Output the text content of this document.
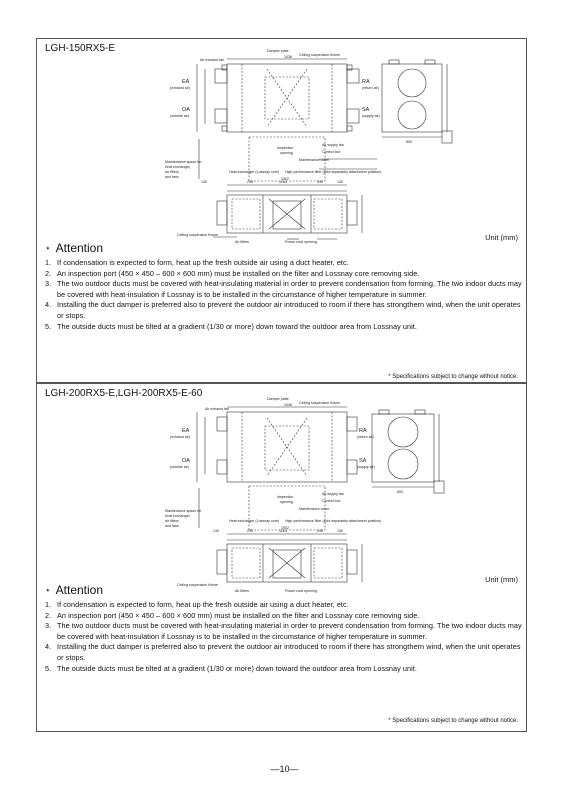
LGH-150RX5-E	Damper plate
Ceiling suspension fixture
Air exhaust fan
1036
EA
(exhaust air)
OA
(outside air)
RA
(return air)
SA
(supply air)
800
Inspection
opening
Air supply fan
Control box
Maintenance cover
Maintenance space for
heat exchanger,
air filters,
and fans
Heat exchanger (Lossnay core) High-performance filter (sold separately attachment position)
1502
130	249	1164	249	130
Ceiling suspension fixture
Air filters	Power cord opening	Unit (mm)
⋆ Attention
1. If condensation is expected to form, heat up the fresh outside air using a duct heater, etc.
2. An inspection port (450 × 450 – 600 × 600 mm) must be installed on the filter and Lossnay core removing side.
3. The two outdoor ducts must be covered with heat-insulating material in order to prevent condensation from forming. The two indoor ducts may be covered with heat-insulation if Lossnay is to be installed in the circumstance of higher temperature in summer.
4. Installing the duct damper is preferred also to prevent the outdoor air introduced to room if there has strongthern wind, when the unit operates or stops.
5. The outside ducts must be tilted at a gradient (1/30 or more) down toward the outdoor area from Lossnay unit.
* Specifications subject to change without notice.
LGH-200RX5-E,LGH-200RX5-E-60	Damper plate
Ceiling suspension fixture
Air exhaust fan
1036
EA
(exhaust air)
OA
(outside air)
RA
(return air)
SA
(supply air)
800
Inspection
opening
Air supply fan
Control box
Maintenance cover
Maintenance space for
heat exchanger,
air filters,
and fans
Heat exchanger (Lossnay core) High-performance filter (sold separately attachment position)
1502
130	249	1164	249	130
Ceiling suspension fixture
Air filters	Power cord opening
Unit (mm)
⋆ Attention
1. If condensation is expected to form, heat up the fresh outside air using a duct heater, etc.
2. An inspection port (450 × 450 – 600 × 600 mm) must be installed on the filter and Lossnay core removing side.
3. The two outdoor ducts must be covered with heat-insulating material in order to prevent condensation from forming. The two indoor ducts may be covered with heat-insulation if Lossnay is to be installed in the circumstance of higher temperature in summer.
4. Installing the duct damper is preferred also to prevent the outdoor air introduced to room if there has strongthern wind, when the unit operates or stops.
5. The outside ducts must be tilted at a gradient (1/30 or more) down toward the outdoor area from Lossnay unit.
* Specifications subject to change without notice.
—10—
